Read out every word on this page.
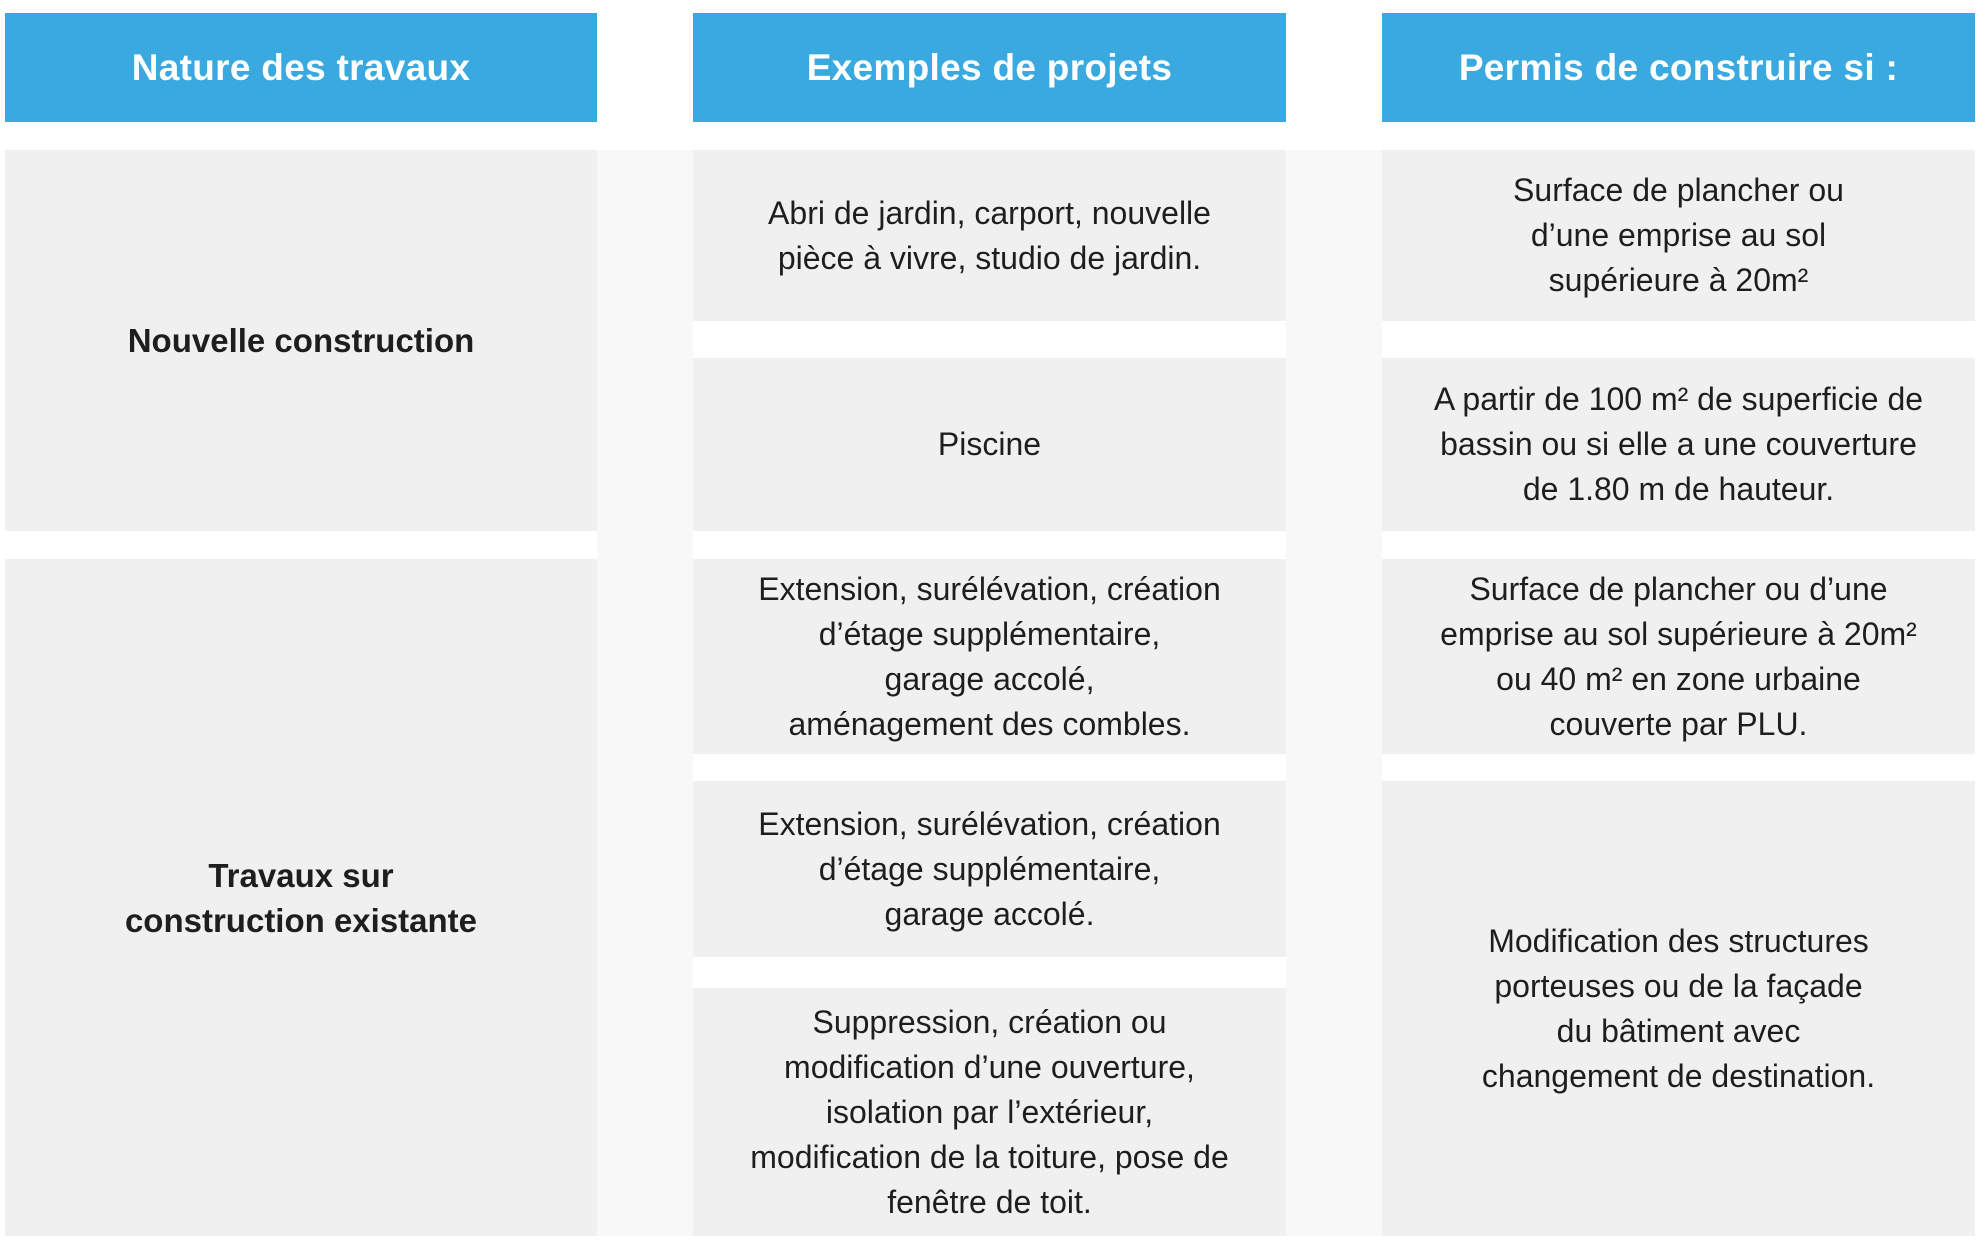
Nature des travaux	Exemples de projets	Permis de construire si :
Nouvelle construction
Abri de jardin, carport, nouvelle
pièce à vivre, studio de jardin.
Piscine
Surface de plancher ou
d’une emprise au sol
supérieure à 20m²
A partir de 100 m² de superficie de
bassin ou si elle a une couverture
de 1.80 m de hauteur.
Travaux sur
construction existante
Extension, surélévation, création
d’étage supplémentaire,
garage accolé,
aménagement des combles.
Extension, surélévation, création
d’étage supplémentaire,
garage accolé.
Suppression, création ou
modification d’une ouverture,
isolation par l’extérieur,
modification de la toiture, pose de
fenêtre de toit.
Surface de plancher ou d’une
emprise au sol supérieure à 20m²
ou 40 m² en zone urbaine
couverte par PLU.
Modification des structures
porteuses ou de la façade
du bâtiment avec
changement de destination.
